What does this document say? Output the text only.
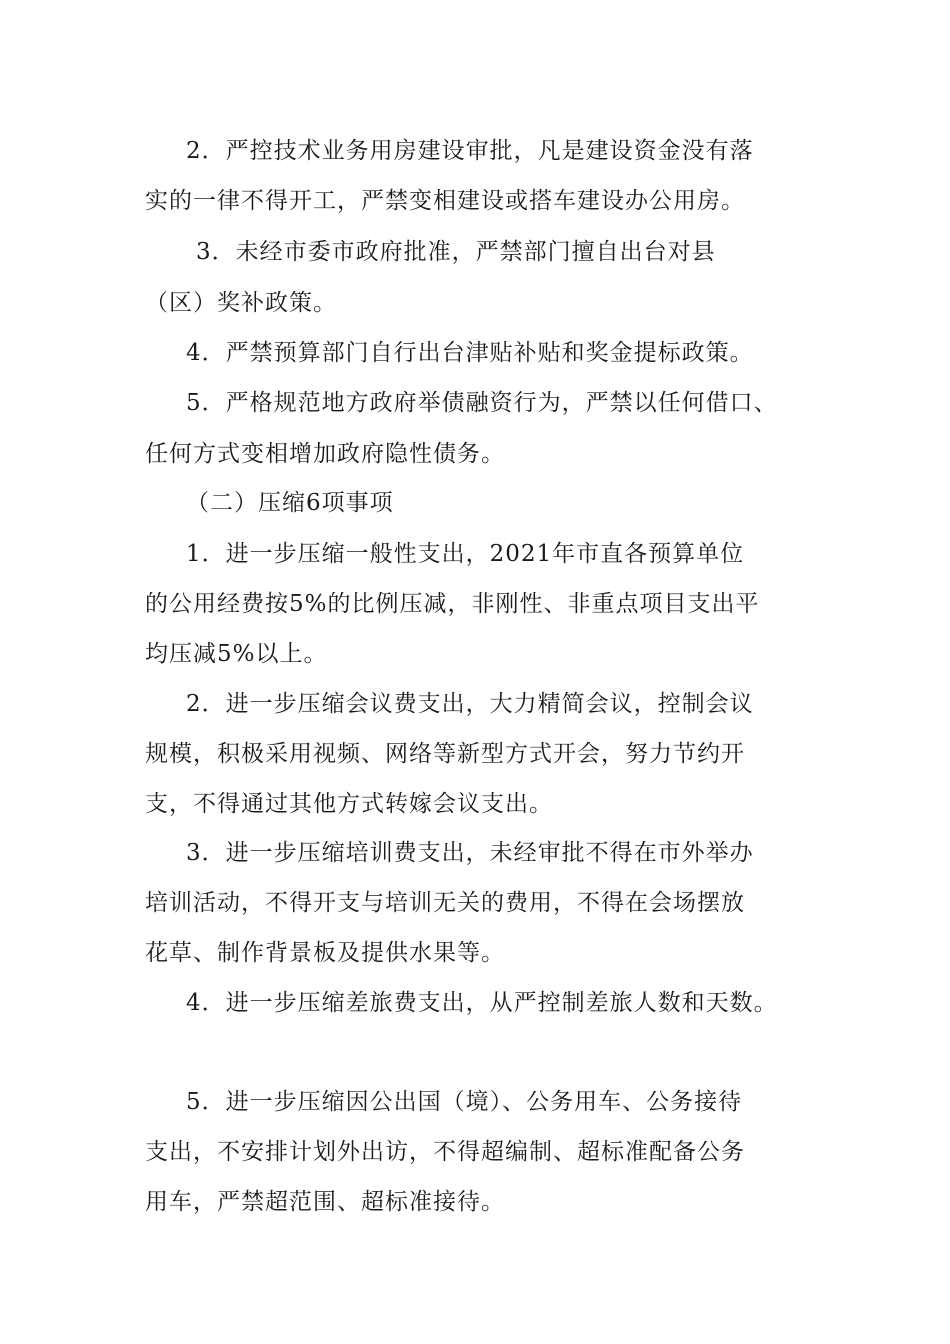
2．严控技术业务用房建设审批，凡是建设资金没有落
实的一律不得开工，严禁变相建设或搭车建设办公用房。
3．未经市委市政府批准，严禁部门擅自出台对县
（区）奖补政策。
4．严禁预算部门自行出台津贴补贴和奖金提标政策。
5．严格规范地方政府举债融资行为，严禁以任何借口、
任何方式变相增加政府隐性债务。
（二）压缩6项事项
1．进一步压缩一般性支出，2021年市直各预算单位
的公用经费按5%的比例压减，非刚性、非重点项目支出平
均压减5%以上。
2．进一步压缩会议费支出，大力精简会议，控制会议
规模，积极采用视频、网络等新型方式开会，努力节约开
支，不得通过其他方式转嫁会议支出。
3．进一步压缩培训费支出，未经审批不得在市外举办
培训活动，不得开支与培训无关的费用，不得在会场摆放
花草、制作背景板及提供水果等。
4．进一步压缩差旅费支出，从严控制差旅人数和天数。
5．进一步压缩因公出国（境）、公务用车、公务接待
支出，不安排计划外出访，不得超编制、超标准配备公务
用车，严禁超范围、超标准接待。
